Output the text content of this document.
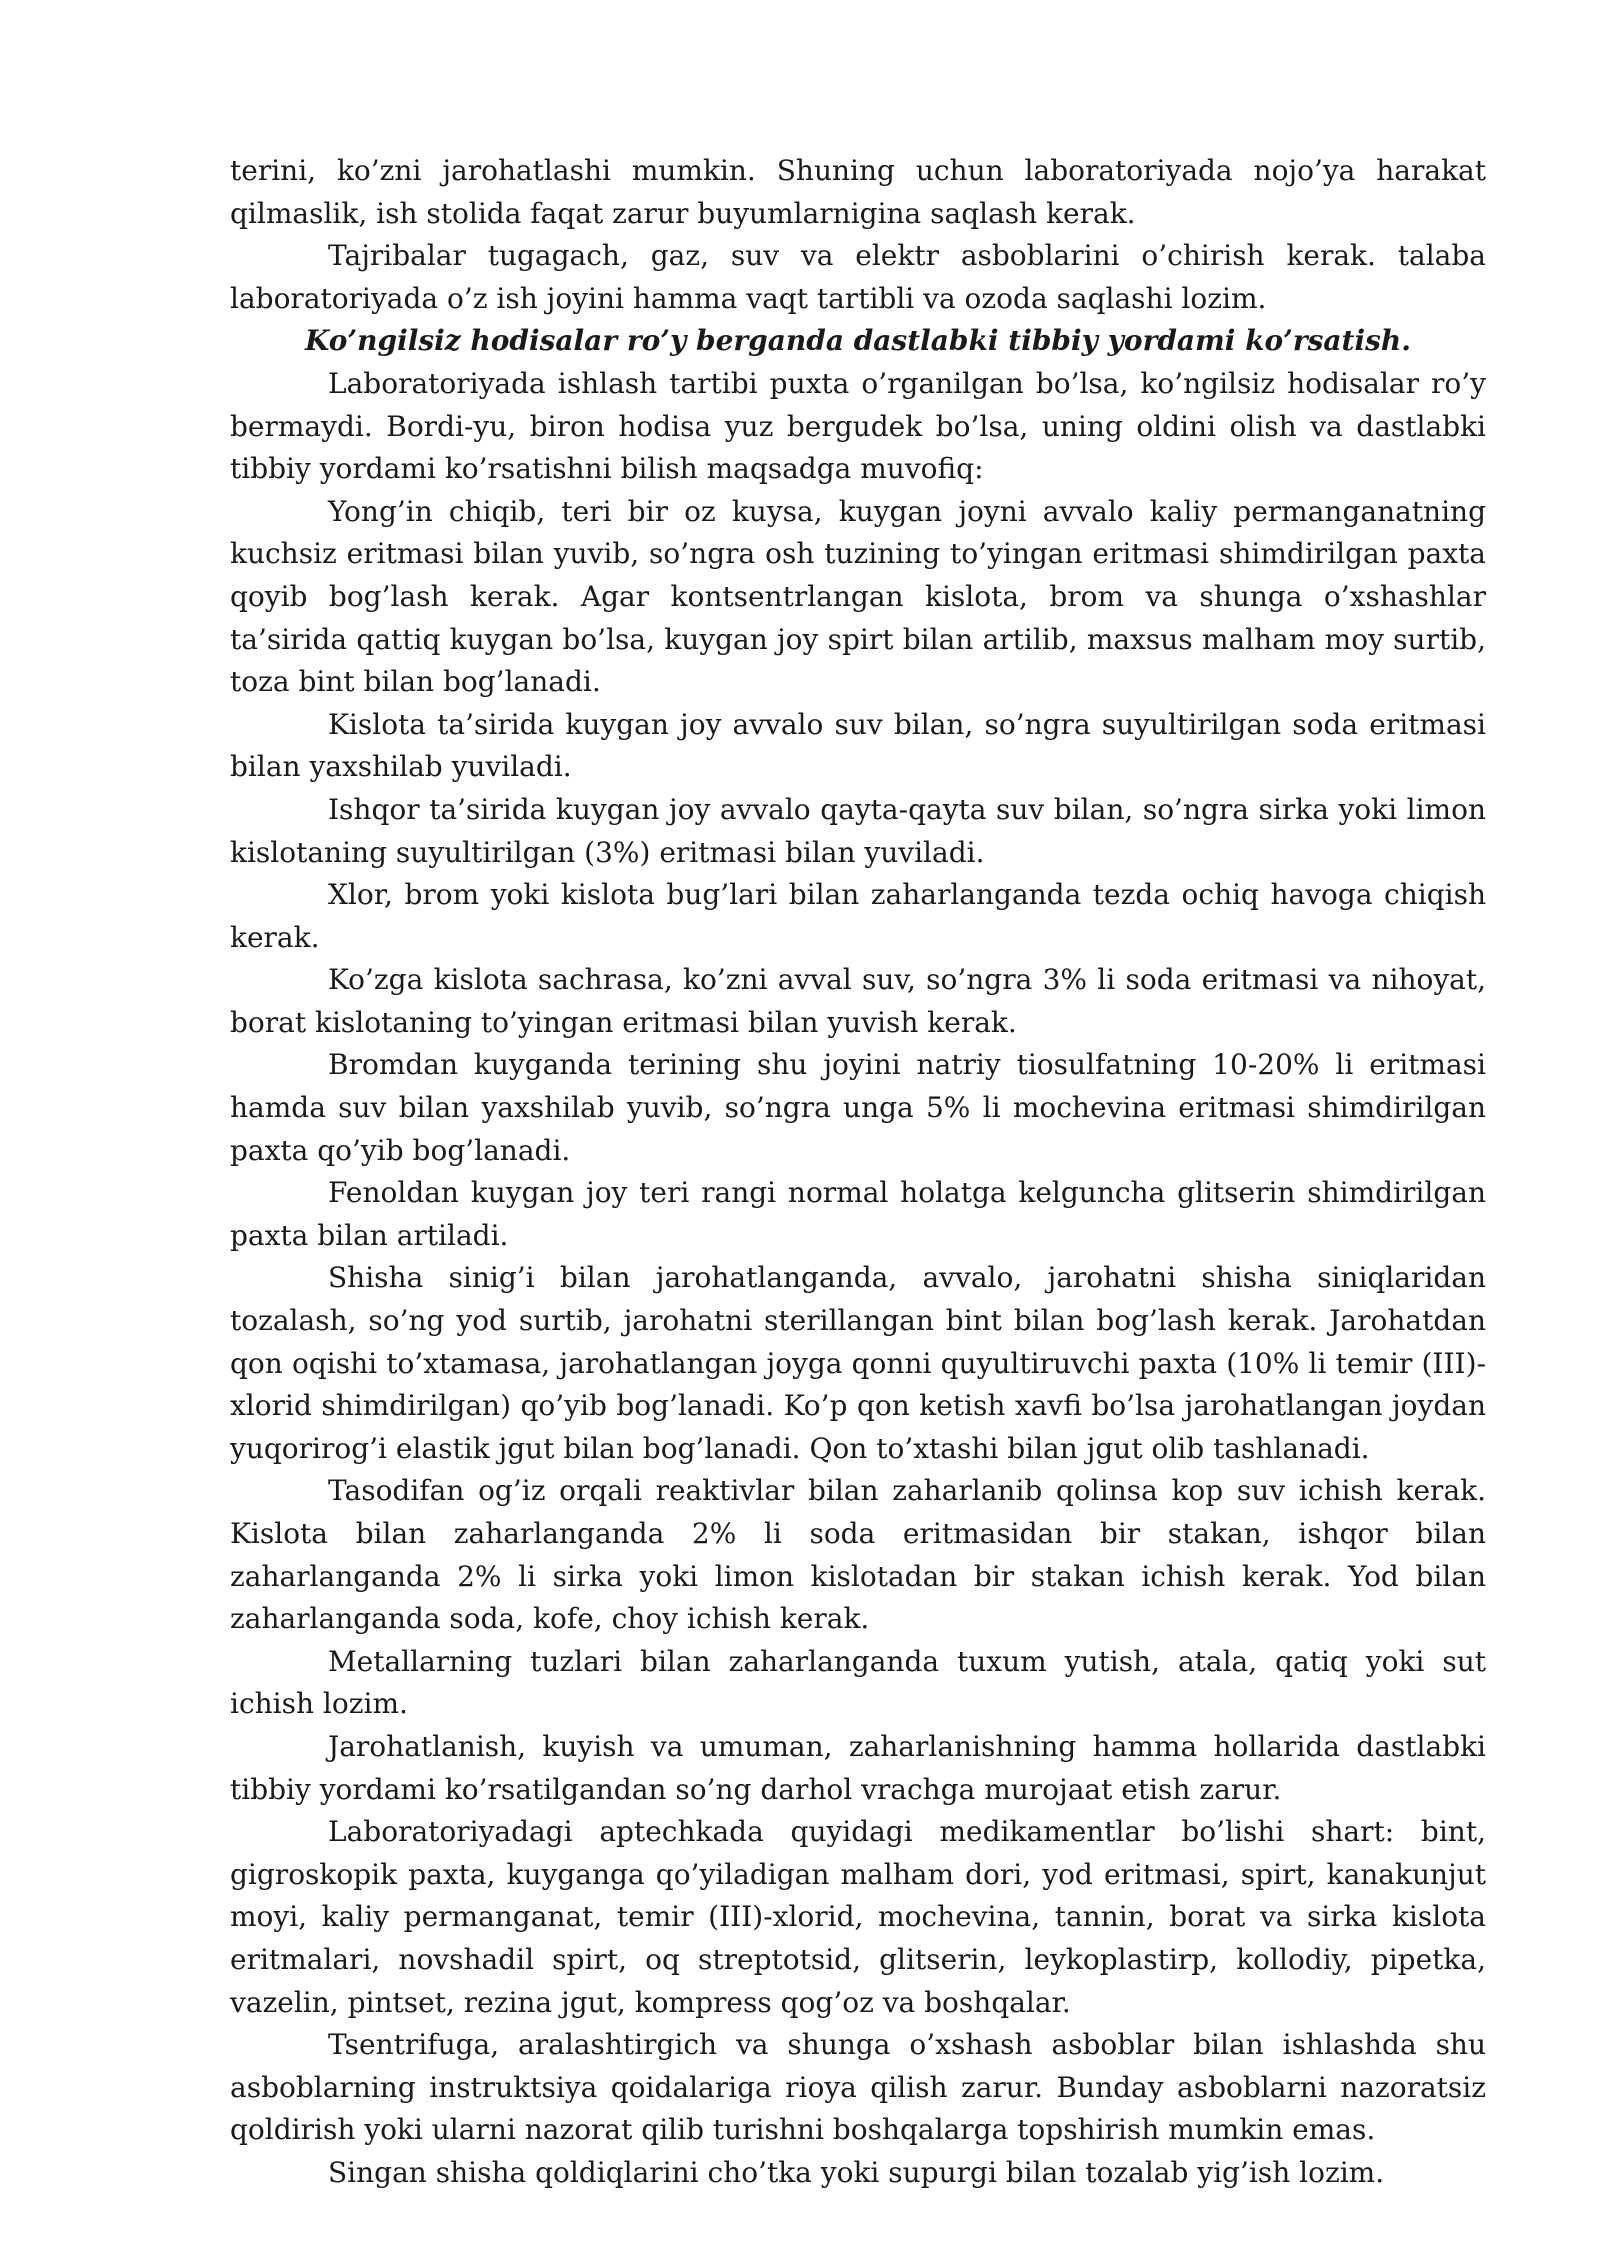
terini, ko’zni jarohatlashi mumkin. Shuning uchun laboratoriyada nojo’ya harakat qilmaslik, ish stolida faqat zarur buyumlarnigina saqlash kerak.

Tajribalar tugagach, gaz, suv va elektr asboblarini o’chirish kerak. talaba laboratoriyada o’z ish joyini hamma vaqt tartibli va ozoda saqlashi lozim.

Ko’ngilsiz hodisalar ro’y berganda dastlabki tibbiy yordami ko’rsatish.

Laboratoriyada ishlash tartibi puxta o’rganilgan bo’lsa, ko’ngilsiz hodisalar ro’y bermaydi. Bordi-yu, biron hodisa yuz bergudek bo’lsa, uning oldini olish va dastlabki tibbiy yordami ko’rsatishni bilish maqsadga muvofiq:

Yong’in chiqib, teri bir oz kuysa, kuygan joyni avvalo kaliy permanganatning kuchsiz eritmasi bilan yuvib, so’ngra osh tuzining to’yingan eritmasi shimdirilgan paxta qoyib bog’lash kerak. Agar kontsentrlangan kislota, brom va shunga o’xshashlar ta’sirida qattiq kuygan bo’lsa, kuygan joy spirt bilan artilib, maxsus malham moy surtib, toza bint bilan bog’lanadi.

Kislota ta’sirida kuygan joy avvalo suv bilan, so’ngra suyultirilgan soda eritmasi bilan yaxshilab yuviladi.

Ishqor ta’sirida kuygan joy avvalo qayta-qayta suv bilan, so’ngra sirka yoki limon kislotaning suyultirilgan (3%) eritmasi bilan yuviladi.

Xlor, brom yoki kislota bug’lari bilan zaharlanganda tezda ochiq havoga chiqish kerak.

Ko’zga kislota sachrasa, ko’zni avval suv, so’ngra 3% li soda eritmasi va nihoyat, borat kislotaning to’yingan eritmasi bilan yuvish kerak.

Bromdan kuyganda terining shu joyini natriy tiosulfatning 10-20% li eritmasi hamda suv bilan yaxshilab yuvib, so’ngra unga 5% li mochevina eritmasi shimdirilgan paxta qo’yib bog’lanadi.

Fenoldan kuygan joy teri rangi normal holatga kelguncha glitserin shimdirilgan paxta bilan artiladi.

Shisha sinig’i bilan jarohatlanganda, avvalo, jarohatni shisha siniqlaridan tozalash, so’ng yod surtib, jarohatni sterillangan bint bilan bog’lash kerak. Jarohatdan qon oqishi to’xtamasa, jarohatlangan joyga qonni quyultiruvchi paxta (10% li temir (III)-xlorid shimdirilgan) qo’yib bog’lanadi. Ko’p qon ketish xavfi bo’lsa jarohatlangan joydan yuqorirog’i elastik jgut bilan bog’lanadi. Qon to’xtashi bilan jgut olib tashlanadi.

Tasodifan og’iz orqali reaktivlar bilan zaharlanib qolinsa kop suv ichish kerak. Kislota bilan zaharlanganda 2% li soda eritmasidan bir stakan, ishqor bilan zaharlanganda 2% li sirka yoki limon kislotadan bir stakan ichish kerak. Yod bilan zaharlanganda soda, kofe, choy ichish kerak.

Metallarning tuzlari bilan zaharlanganda tuxum yutish, atala, qatiq yoki sut ichish lozim.

Jarohatlanish, kuyish va umuman, zaharlanishning hamma hollarida dastlabki tibbiy yordami ko’rsatilgandan so’ng darhol vrachga murojaat etish zarur.

Laboratoriyadagi aptechkada quyidagi medikamentlar bo’lishi shart: bint, gigroskopik paxta, kuyganga qo’yiladigan malham dori, yod eritmasi, spirt, kanakunjut moyi, kaliy permanganat, temir (III)-xlorid, mochevina, tannin, borat va sirka kislota eritmalari, novshadil spirt, oq streptotsid, glitserin, leykoplastirp, kollodiy, pipetka, vazelin, pintset, rezina jgut, kompress qog’oz va boshqalar.

Tsentrifuga, aralashtirgich va shunga o’xshash asboblar bilan ishlashda shu asboblarning instruktsiya qoidalariga rioya qilish zarur. Bunday asboblarni nazoratsiz qoldirish yoki ularni nazorat qilib turishni boshqalarga topshirish mumkin emas.

Singan shisha qoldiqlarini cho’tka yoki supurgi bilan tozalab yig’ish lozim.
